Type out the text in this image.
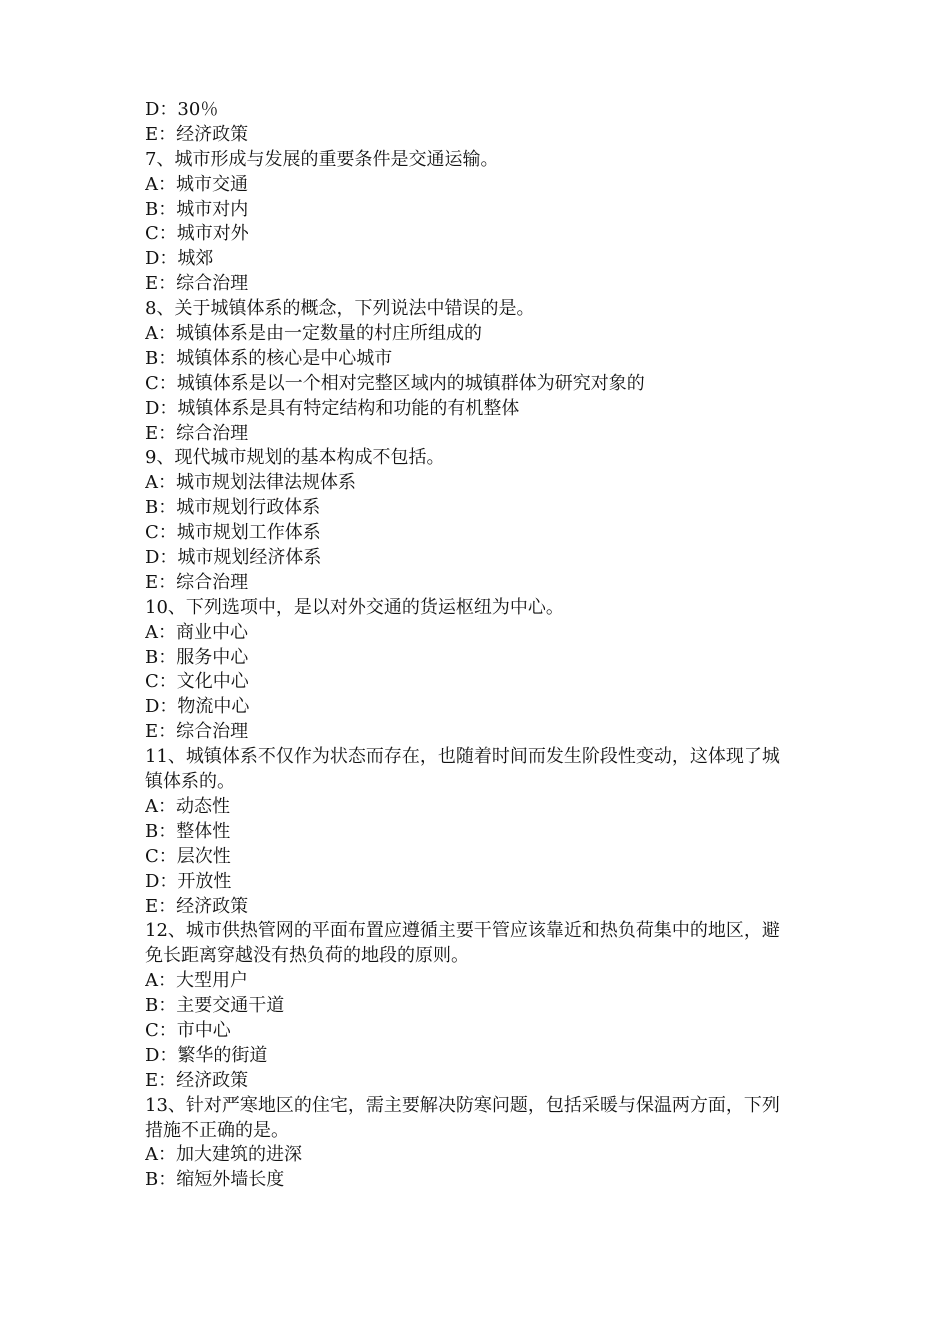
D：30％
E：经济政策
7、城市形成与发展的重要条件是交通运输。
A：城市交通
B：城市对内
C：城市对外
D：城郊
E：综合治理
8、关于城镇体系的概念，下列说法中错误的是。
A：城镇体系是由一定数量的村庄所组成的
B：城镇体系的核心是中心城市
C：城镇体系是以一个相对完整区域内的城镇群体为研究对象的
D：城镇体系是具有特定结构和功能的有机整体
E：综合治理
9、现代城市规划的基本构成不包括。
A：城市规划法律法规体系
B：城市规划行政体系
C：城市规划工作体系
D：城市规划经济体系
E：综合治理
10、下列选项中，是以对外交通的货运枢纽为中心。
A：商业中心
B：服务中心
C：文化中心
D：物流中心
E：综合治理
11、城镇体系不仅作为状态而存在，也随着时间而发生阶段性变动，这体现了城
镇体系的。
A：动态性
B：整体性
C：层次性
D：开放性
E：经济政策
12、城市供热管网的平面布置应遵循主要干管应该靠近和热负荷集中的地区，避
免长距离穿越没有热负荷的地段的原则。
A：大型用户
B：主要交通干道
C：市中心
D：繁华的街道
E：经济政策
13、针对严寒地区的住宅，需主要解决防寒问题，包括采暖与保温两方面，下列
措施不正确的是。
A：加大建筑的进深
B：缩短外墙长度
